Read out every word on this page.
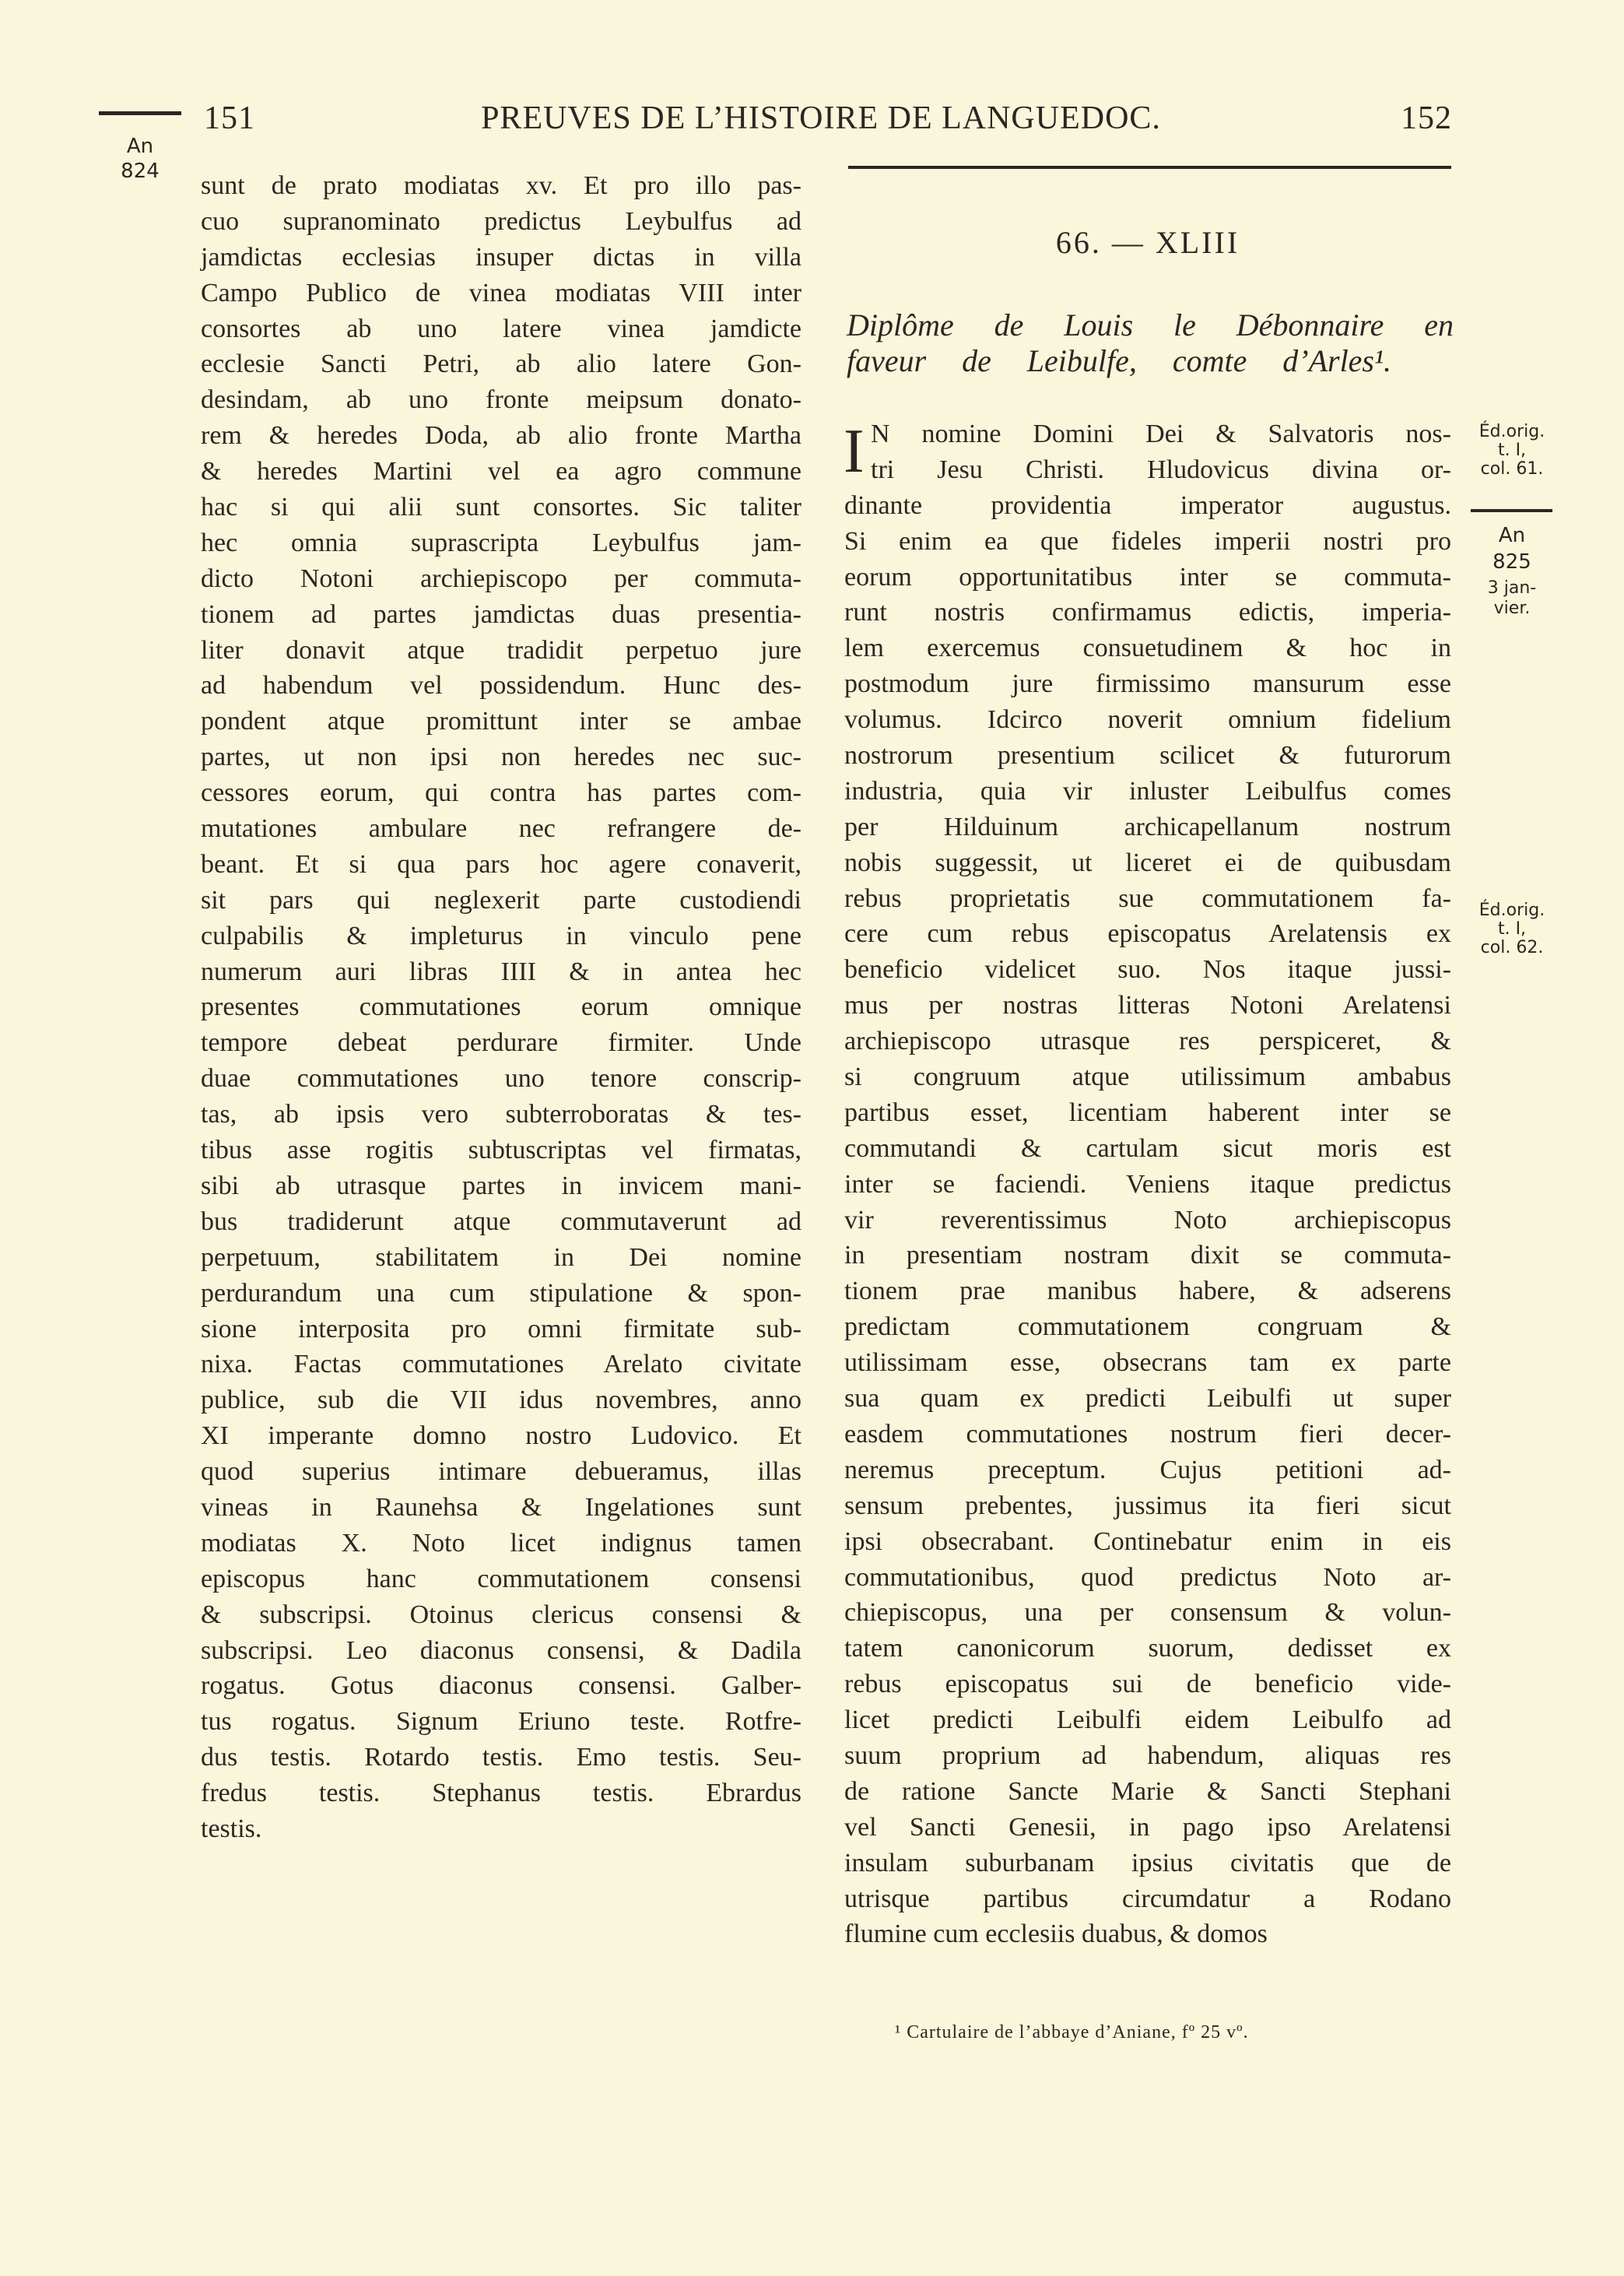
151	PREUVES DE L’HISTOIRE DE LANGUEDOC.	152
An
824	sunt de prato modiatas xv. Et pro illo pas-
cuo supranominato predictus Leybulfus ad
jamdictas ecclesias insuper dictas in villa
Campo Publico de vinea modiatas VIII inter
consortes ab uno latere vinea jamdicte
ecclesie Sancti Petri, ab alio latere Gon-
desindam, ab uno fronte meipsum donato-
rem & heredes Doda, ab alio fronte Martha
& heredes Martini vel ea agro commune
hac si qui alii sunt consortes. Sic taliter
hec omnia suprascripta Leybulfus jam-
dicto Notoni archiepiscopo per commuta-
tionem ad partes jamdictas duas presentia-
liter donavit atque tradidit perpetuo jure
ad habendum vel possidendum. Hunc des-
pondent atque promittunt inter se ambae
partes, ut non ipsi non heredes nec suc-
cessores eorum, qui contra has partes com-
mutationes ambulare nec refrangere de-
beant. Et si qua pars hoc agere conaverit,
sit pars qui neglexerit parte custodiendi
culpabilis & impleturus in vinculo pene
numerum auri libras IIII & in antea hec
presentes commutationes eorum omnique
tempore debeat perdurare firmiter. Unde
duae commutationes uno tenore conscrip-
tas, ab ipsis vero subterroboratas & tes-
tibus asse rogitis subtuscriptas vel firmatas,
sibi ab utrasque partes in invicem mani-
bus tradiderunt atque commutaverunt ad
perpetuum, stabilitatem in Dei nomine
perdurandum una cum stipulatione & spon-
sione interposita pro omni firmitate sub-
nixa. Factas commutationes Arelato civitate
publice, sub die VII idus novembres, anno
XI imperante domno nostro Ludovico. Et
quod superius intimare debueramus, illas
vineas in Raunehsa & Ingelationes sunt
modiatas X. Noto licet indignus tamen
episcopus hanc commutationem consensi
& subscripsi. Otoinus clericus consensi &
subscripsi. Leo diaconus consensi, & Dadila
rogatus. Gotus diaconus consensi. Galber-
tus rogatus. Signum Eriuno teste. Rotfre-
dus testis. Rotardo testis. Emo testis. Seu-
fredus testis. Stephanus testis. Ebrardus
testis.
66. — XLIII
Diplôme de Louis le Débonnaire en
faveur de Leibulfe, comte d’Arles¹.
I N nomine Domini Dei & Salvatoris nos-
tri Jesu Christi. Hludovicus divina or-
dinante providentia imperator augustus.
Si enim ea que fideles imperii nostri pro
eorum opportunitatibus inter se commuta-
runt nostris confirmamus edictis, imperia-
lem exercemus consuetudinem & hoc in
postmodum jure firmissimo mansurum esse
volumus. Idcirco noverit omnium fidelium
nostrorum presentium scilicet & futurorum
industria, quia vir inluster Leibulfus comes
per Hilduinum archicapellanum nostrum
nobis suggessit, ut liceret ei de quibusdam
rebus proprietatis sue commutationem fa-
cere cum rebus episcopatus Arelatensis ex
beneficio videlicet suo. Nos itaque jussi-
mus per nostras litteras Notoni Arelatensi
archiepiscopo utrasque res perspiceret, &
si congruum atque utilissimum ambabus
partibus esset, licentiam haberent inter se
commutandi & cartulam sicut moris est
inter se faciendi. Veniens itaque predictus
vir reverentissimus Noto archiepiscopus
in presentiam nostram dixit se commuta-
tionem prae manibus habere, & adserens
predictam commutationem congruam &
utilissimam esse, obsecrans tam ex parte
sua quam ex predicti Leibulfi ut super
easdem commutationes nostrum fieri decer-
neremus preceptum. Cujus petitioni ad-
sensum prebentes, jussimus ita fieri sicut
ipsi obsecrabant. Continebatur enim in eis
commutationibus, quod predictus Noto ar-
chiepiscopus, una per consensum & volun-
tatem canonicorum suorum, dedisset ex
rebus episcopatus sui de beneficio vide-
licet predicti Leibulfi eidem Leibulfo ad
suum proprium ad habendum, aliquas res
de ratione Sancte Marie & Sancti Stephani
vel Sancti Genesii, in pago ipso Arelatensi
insulam suburbanam ipsius civitatis que de
utrisque partibus circumdatur a Rodano
flumine cum ecclesiis duabus, & domos
¹ Cartulaire de l’abbaye d’Aniane, fº 25 vº.
Éd.orig.
t. I,
col. 61.
An
825
3 jan-
vier.
Éd.orig.
t. I,
col. 62.
